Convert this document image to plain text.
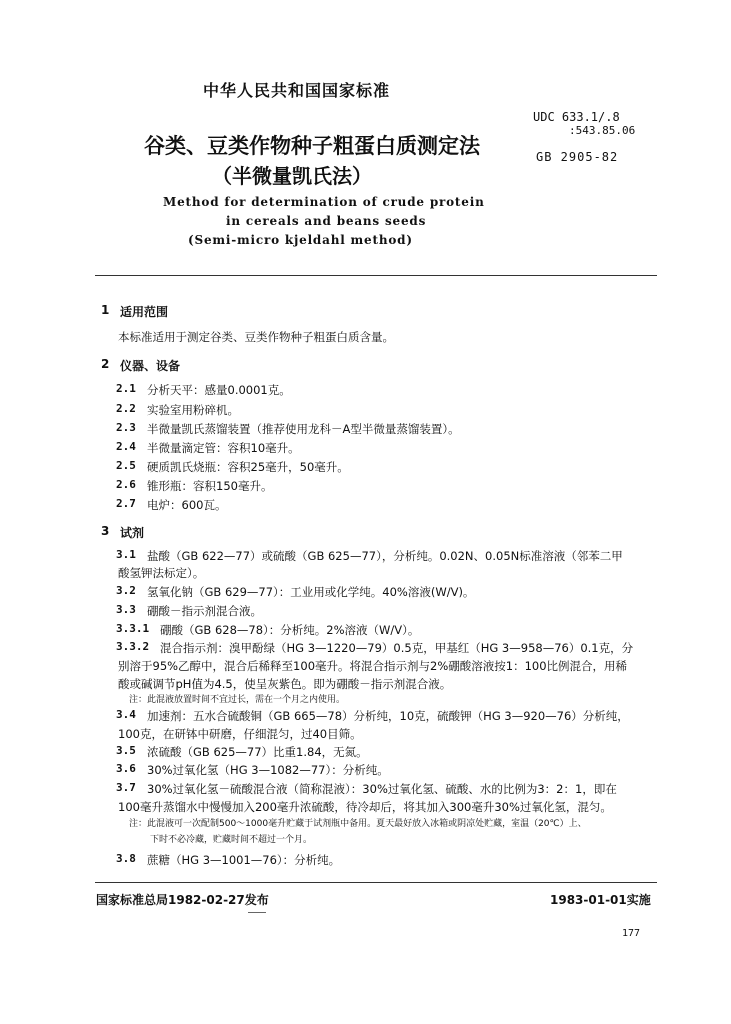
中华人民共和国国家标准
UDC 633.1/.8
:543.85.06
GB 2905-82
谷类、豆类作物种子粗蛋白质测定法
（半微量凯氏法）
Method for determination of crude protein
in cereals and beans seeds
(Semi-micro kjeldahl method)
1 适用范围
本标准适用于测定谷类、豆类作物种子粗蛋白质含量。
2 仪器、设备
2.1 分析天平：感量0.0001克。
2.2 实验室用粉碎机。
2.3 半微量凯氏蒸馏装置（推荐使用龙科－A型半微量蒸馏装置）。
2.4 半微量滴定管：容积10毫升。
2.5 硬质凯氏烧瓶：容积25毫升，50毫升。
2.6 锥形瓶：容积150毫升。
2.7 电炉：600瓦。
3 试剂
3.1 盐酸（GB 622—77）或硫酸（GB 625—77），分析纯。0.02N、0.05N标准溶液（邻苯二甲
酸氢钾法标定）。
3.2 氢氧化钠（GB 629—77）：工业用或化学纯。40%溶液(W/V)。
3.3 硼酸－指示剂混合液。
3.3.1 硼酸（GB 628—78）：分析纯。2%溶液（W/V）。
3.3.2 混合指示剂：溴甲酚绿（HG 3—1220—79）0.5克，甲基红（HG 3—958—76）0.1克，分
别溶于95%乙醇中，混合后稀释至100毫升。将混合指示剂与2%硼酸溶液按1：100比例混合，用稀
酸或碱调节pH值为4.5，使呈灰紫色。即为硼酸－指示剂混合液。
注：此混液放置时间不宜过长，需在一个月之内使用。
3.4 加速剂：五水合硫酸铜（GB 665—78）分析纯，10克，硫酸钾（HG 3—920—76）分析纯，
100克，在研钵中研磨，仔细混匀，过40目筛。
3.5 浓硫酸（GB 625—77）比重1.84，无氮。
3.6 30%过氧化氢（HG 3—1082—77）：分析纯。
3.7 30%过氧化氢－硫酸混合液（简称混液）：30%过氧化氢、硫酸、水的比例为3：2：1，即在
100毫升蒸馏水中慢慢加入200毫升浓硫酸，待冷却后，将其加入300毫升30%过氧化氢，混匀。
注：此混液可一次配制500～1000毫升贮藏于试剂瓶中备用。夏天最好放入冰箱或阴凉处贮藏，室温（20℃）上、
下时不必冷藏，贮藏时间不超过一个月。
3.8 蔗糖（HG 3—1001—76）：分析纯。
国家标准总局1982-02-27发布	1983-01-01实施
177
